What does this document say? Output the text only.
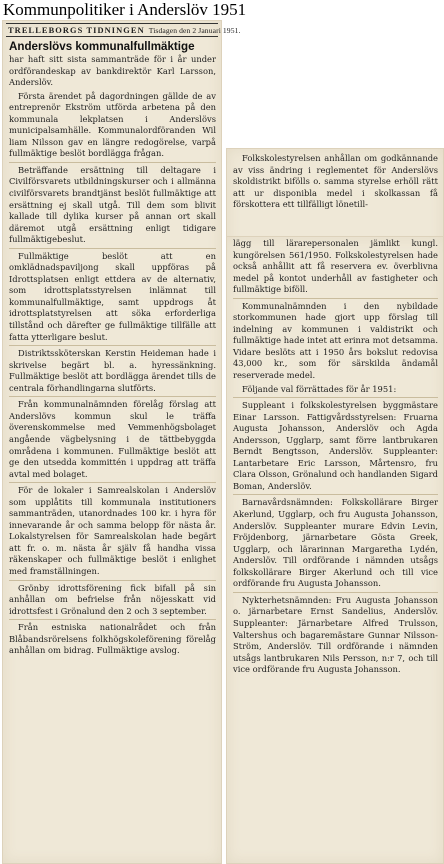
Kommunpolitiker i Anderslöv 1951
TRELLEBORGS TIDNINGEN Tisdagen den 2 Januari 1951.
Anderslövs kommunalfullmäktige

har haft sitt sista sammanträde för i år under ordförandeskap av bankdirektör Karl Larsson, Anderslöv.

Första ärendet på dagordningen gällde de av entreprenör Ekström utförda arbetena på den kommunala lekplatsen i Anderslövs municipalsamhälle. Kommunalordföranden Wil liam Nilsson gav en längre redogörelse, varpå fullmäktige beslöt bordlägga frågan.

Beträffande ersättning till deltagare i Civilförsvarets utbildningskurser och i allmänna civilförsvarets brandtjänst beslöt fullmäktige att ersättning ej skall utgå. Till dem som blivit kallade till dylika kurser på annan ort skall däremot utgå ersättning enligt tidigare fullmäktigebeslut.

Fullmäktige beslöt att en omklädnadspaviljong skall uppföras på Idrottsplatsen enligt ettdera av de alternativ, som idrottsplatsstyrelsen inlämnat till kommunalfullmäktige, samt uppdrogs åt idrottsplatstyrelsen att söka erforderliga tillstånd och därefter ge fullmäktige tillfälle att fatta ytterligare beslut.

Distriktssköterskan Kerstin Heideman hade i skrivelse begärt bl. a. hyressänkning. Fullmäktige beslöt att bordlägga ärendet tills de centrala förhandlingarna slutförts.

Från kommunalnämnden förelåg förslag att Anderslövs kommun skul le träffa överenskommelse med Vemmenhögsbolaget angående vägbelysning i de tättbebyggda områdena i kommunen. Fullmäktige beslöt att ge den utsedda kommittén i uppdrag att träffa avtal med bolaget.

För de lokaler i Samrealskolan i Anderslöv som upplåtits till kommunala institutioners sammanträden, utanordnades 100 kr. i hyra för innevarande år och samma belopp för nästa år. Lokalstyrelsen för Samrealskolan hade begärt att fr. o. m. nästa år själv få handha vissa räkenskaper och fullmäktige beslöt i enlighet med framställningen.

Grönby idrottsförening fick bifall på sin anhållan om befrielse från nöjesskatt vid idrottsfest i Grönalund den 2 och 3 september.

Från estniska nationalrådet och från Blåbandsrörelsens folkhögskoleförening förelåg anhållan om bidrag. Fullmäktige avslog.

Folkskolestyrelsen anhållan om godkännande av viss ändring i reglementet för Anderslövs skoldistrikt bifölls o. samma styrelse erhöll rätt att ur disponibla medel i skolkassan få förskottera ett tillfälligt lönetill-

lägg till lärarepersonalen jämlikt kungl. kungörelsen 561/1950. Folkskolestyrelsen hade också anhållit att få reservera ev. överblivna medel på kontot underhåll av fastigheter och fullmäktige biföll.

Kommunalnämnden i den nybildade storkommunen hade gjort upp förslag till indelning av kommunen i valdistrikt och fullmäktige hade intet att erinra mot detsamma. Vidare beslöts att i 1950 års bokslut redovisa 43,000 kr., som för särskilda ändamål reserverade medel.

Följande val förrättades för år 1951:

Suppleant i folkskolestyrelsen byggmästare Einar Larsson. Fattigvårdsstyrelsen: Fruarna Augusta Johansson, Anderslöv och Agda Andersson, Ugglarp, samt förre lantbrukaren Berndt Bengtsson, Anderslöv. Suppleanter: Lantarbetare Eric Larsson, Mårtensro, fru Clara Olsson, Grönalund och handlanden Sigard Boman, Anderslöv.

Barnavårdsnämnden: Folkskollärare Birger Akerlund, Ugglarp, och fru Augusta Johansson, Anderslöv. Suppleanter murare Edvin Levin, Fröjdenborg, järnarbetare Gösta Greek, Ugglarp, och lärarinnan Margaretha Lydén, Anderslöv. Till ordförande i nämnden utsågs folkskollärare Birger Akerlund och till vice ordförande fru Augusta Johansson.

Nykterhetsnämnden: Fru Augusta Johansson o. järnarbetare Ernst Sandelius, Anderslöv. Suppleanter: Järnarbetare Alfred Trulsson, Valtershus och bagaremästare Gunnar Nilsson-Ström, Anderslöv. Till ordförande i nämnden utsågs lantbrukaren Nils Persson, n:r 7, och till vice ordförande fru Augusta Johansson.
